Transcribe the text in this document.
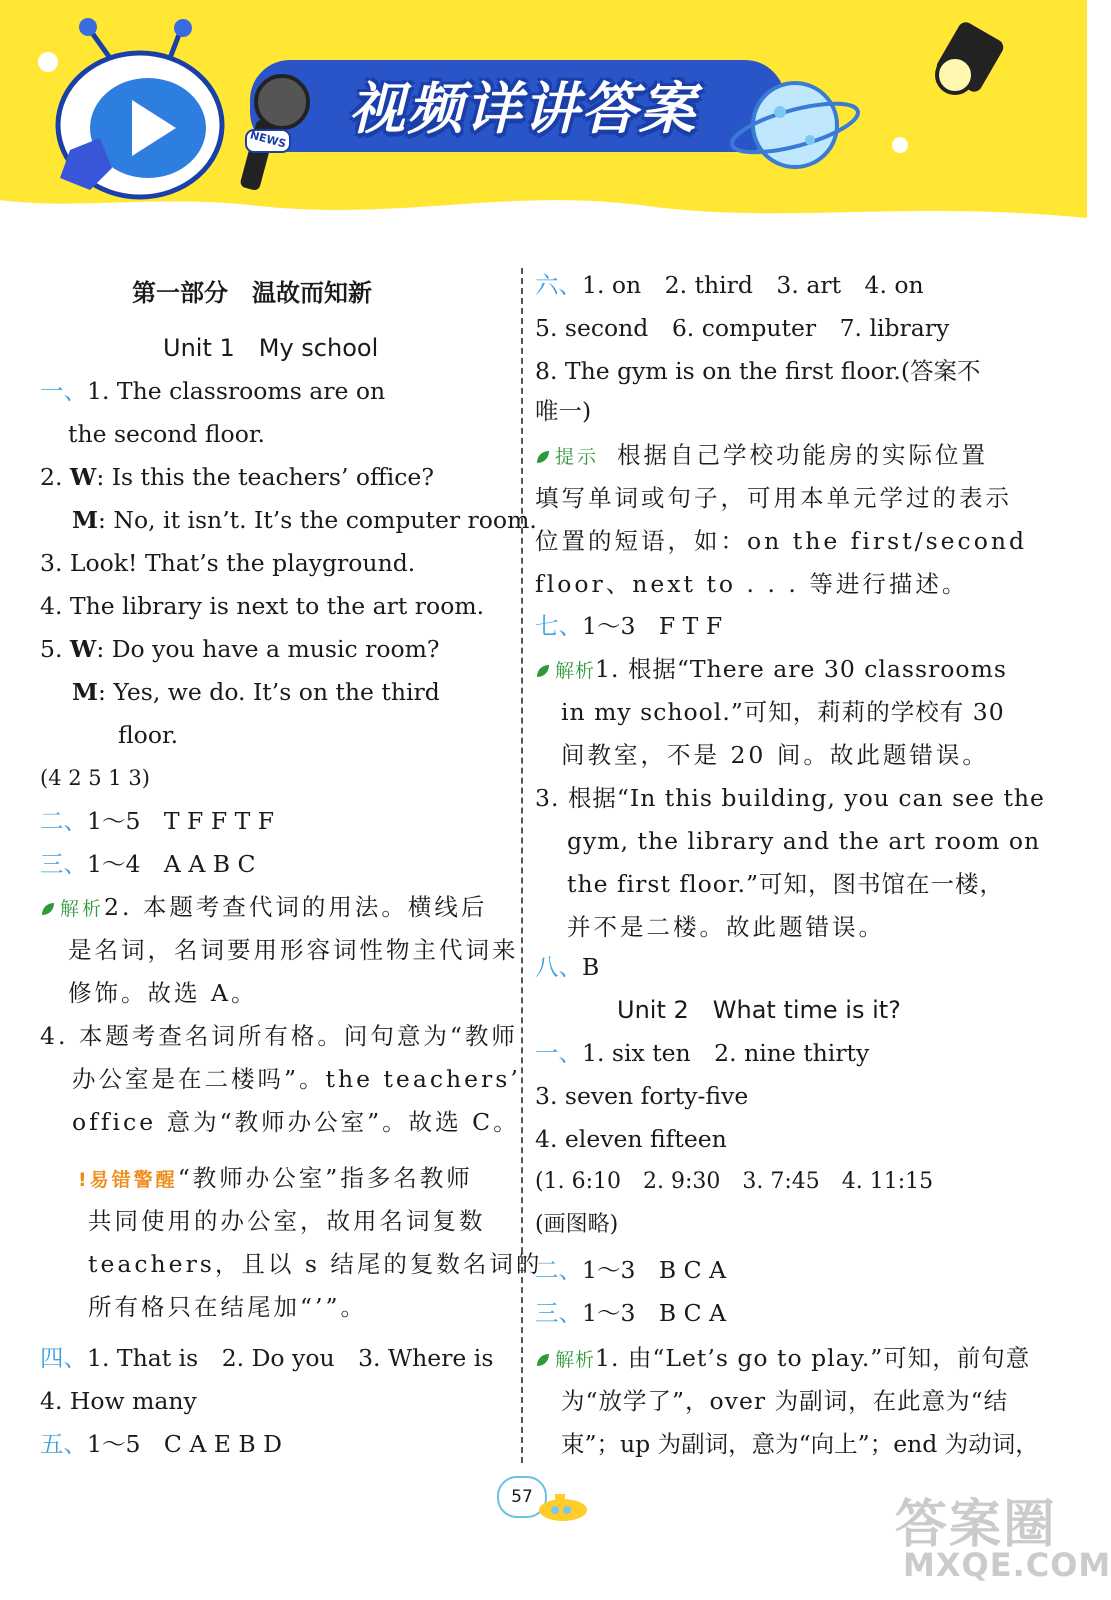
视频详讲答案
NEWS
第一部分　温故而知新
Unit 1　My school
一、1. The classrooms are on
the second floor.
2. W: Is this the teachers’ office?
M: No, it isn’t. It’s the computer room.
3. Look! That’s the playground.
4. The library is next to the art room.
5. W: Do you have a music room?
M: Yes, we do. It’s on the third
floor.
(4 2 5 1 3)
二、1～5　T F F T F
三、1～4　A A B C
解析2. 本题考查代词的用法。横线后
是名词，名词要用形容词性物主代词来
修饰。故选 A。
4. 本题考查名词所有格。问句意为“教师
办公室是在二楼吗”。the teachers’
office 意为“教师办公室”。故选 C。
!易错警醒“教师办公室”指多名教师
共同使用的办公室，故用名词复数
teachers，且以 s 结尾的复数名词的
所有格只在结尾加“’”。
四、1. That is　2. Do you　3. Where is
4. How many
五、1～5　C A E B D
六、1. on　2. third　3. art　4. on
5. second　6. computer　7. library
8. The gym is on the first floor.(答案不
唯一)
提示 根据自己学校功能房的实际位置
填写单词或句子，可用本单元学过的表示
位置的短语，如：on the first/second
floor、next to . . . 等进行描述。
七、1～3　F T F
解析1. 根据“There are 30 classrooms
in my school.”可知，莉莉的学校有 30
间教室，不是 20 间。故此题错误。
3. 根据“In this building, you can see the
gym, the library and the art room on
the first floor.”可知，图书馆在一楼，
并不是二楼。故此题错误。
八、B
Unit 2　What time is it?
一、1. six ten　2. nine thirty
3. seven forty-five
4. eleven fifteen
(1. 6:10　2. 9:30　3. 7:45　4. 11:15
(画图略)
二、1～3　B C A
三、1～3　B C A
解析1. 由“Let’s go to play.”可知，前句意
为“放学了”，over 为副词，在此意为“结
束”；up 为副词，意为“向上”；end 为动词，
57	答案圈
MXQE.COM
